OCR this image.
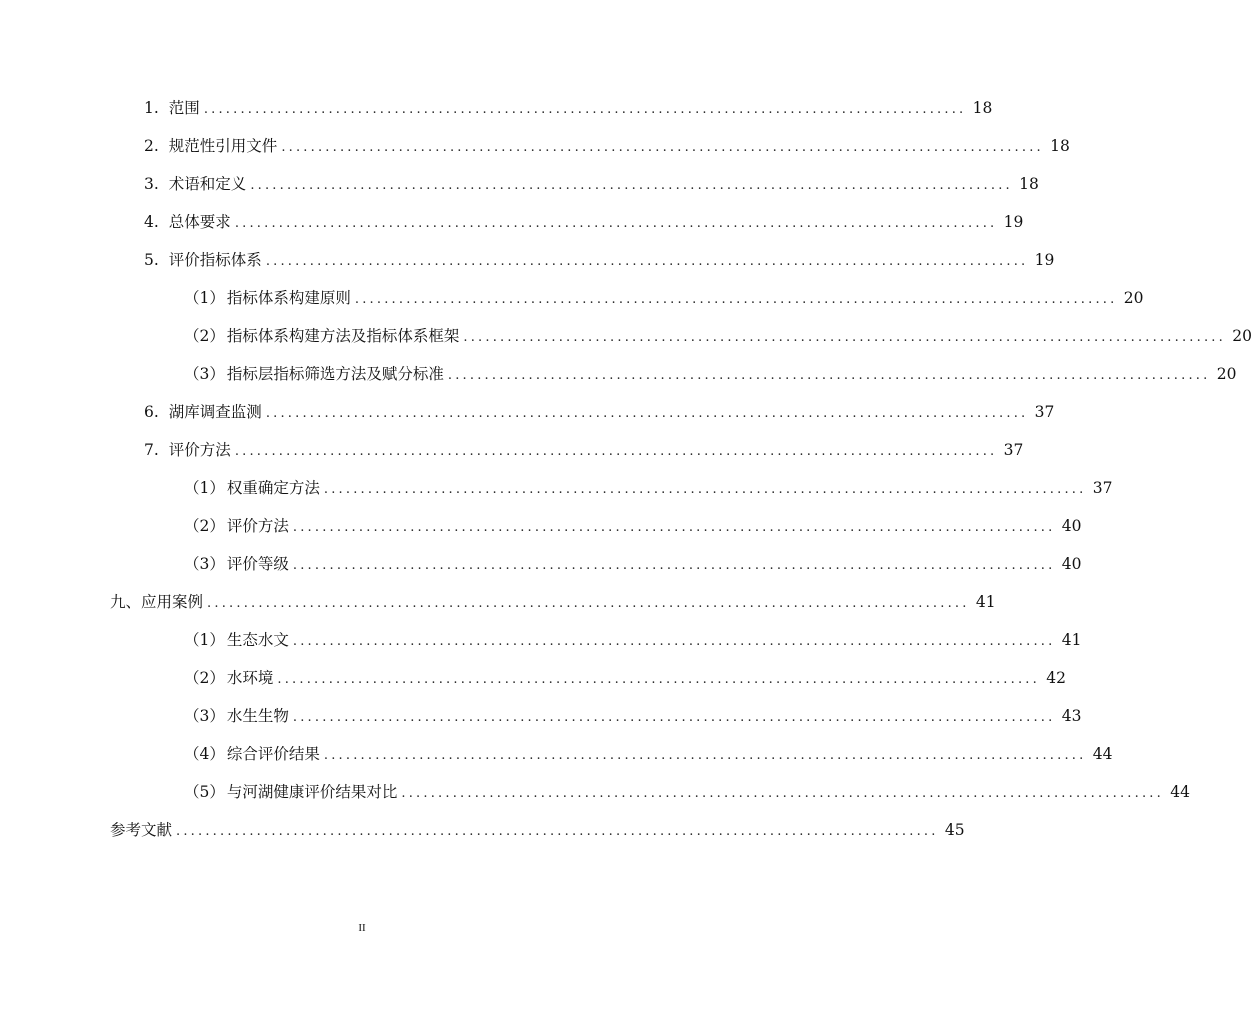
1. 范围 ........................................................................................................ 18
2. 规范性引用文件 ........................................................................................................ 18
3. 术语和定义 ........................................................................................................ 18
4. 总体要求 ........................................................................................................ 19
5. 评价指标体系 ........................................................................................................ 19
（1） 指标体系构建原则 ........................................................................................................ 20
（2） 指标体系构建方法及指标体系框架 ........................................................................................................ 20
（3） 指标层指标筛选方法及赋分标准 ........................................................................................................ 20
6. 湖库调查监测 ........................................................................................................ 37
7. 评价方法 ........................................................................................................ 37
（1） 权重确定方法 ........................................................................................................ 37
（2） 评价方法 ........................................................................................................ 40
（3） 评价等级 ........................................................................................................ 40
九、应用案例 ........................................................................................................ 41
（1） 生态水文 ........................................................................................................ 41
（2） 水环境 ........................................................................................................ 42
（3） 水生生物 ........................................................................................................ 43
（4） 综合评价结果 ........................................................................................................ 44
（5） 与河湖健康评价结果对比 ........................................................................................................ 44
参考文献 ........................................................................................................ 45
II
